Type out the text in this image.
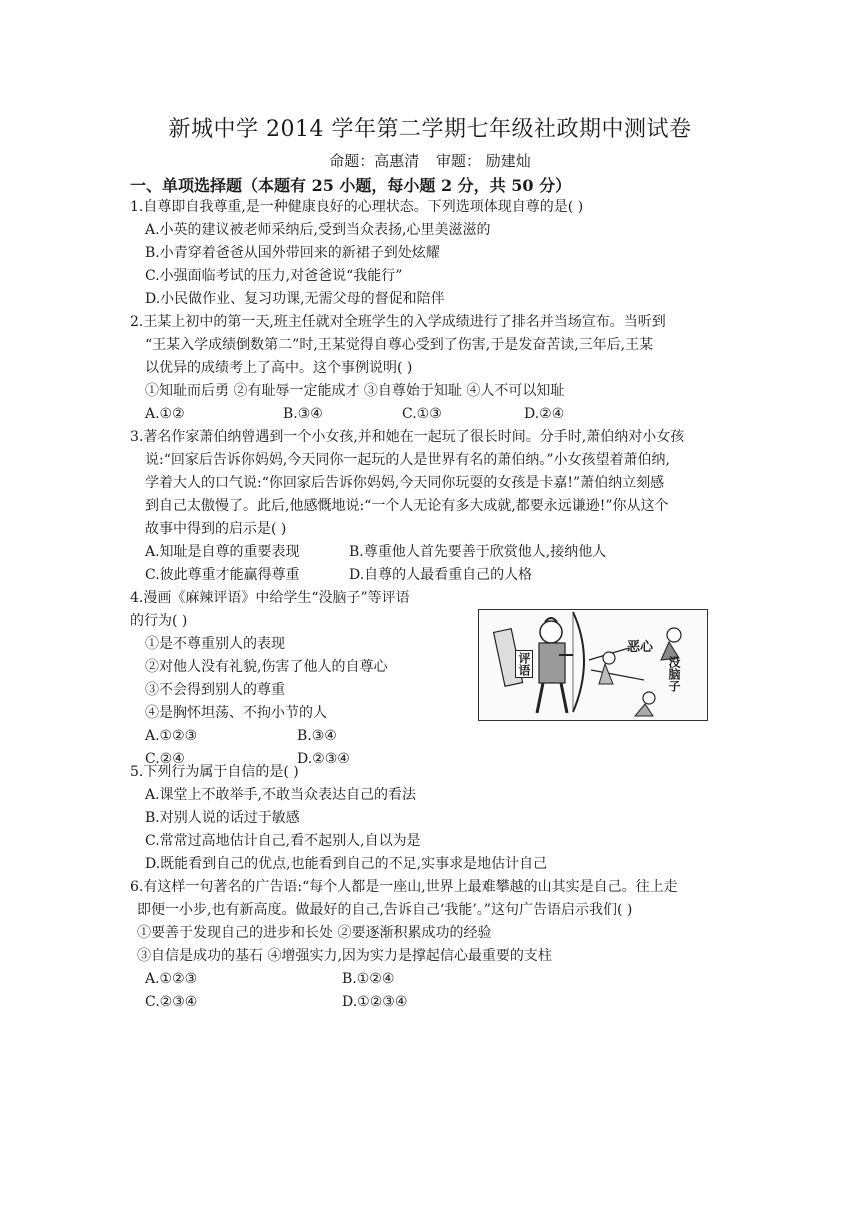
新城中学 2014 学年第二学期七年级社政期中测试卷
命题：高惠清 审题： 励建灿
一、单项选择题（本题有 25 小题，每小题 2 分，共 50 分）
1.自尊即自我尊重,是一种健康良好的心理状态。下列选项体现自尊的是( )
A.小英的建议被老师采纳后,受到当众表扬,心里美滋滋的
B.小青穿着爸爸从国外带回来的新裙子到处炫耀
C.小强面临考试的压力,对爸爸说“我能行”
D.小民做作业、复习功课,无需父母的督促和陪伴
2.王某上初中的第一天,班主任就对全班学生的入学成绩进行了排名并当场宣布。当听到
“王某入学成绩倒数第二”时,王某觉得自尊心受到了伤害,于是发奋苦读,三年后,王某
以优异的成绩考上了高中。这个事例说明( )
①知耻而后勇 ②有耻辱一定能成才 ③自尊始于知耻 ④人不可以知耻
A.①②	B.③④	C.①③	D.②④
3.著名作家萧伯纳曾遇到一个小女孩,并和她在一起玩了很长时间。分手时,萧伯纳对小女孩
说:“回家后告诉你妈妈,今天同你一起玩的人是世界有名的萧伯纳。”小女孩望着萧伯纳,
学着大人的口气说:“你回家后告诉你妈妈,今天同你玩耍的女孩是卡嘉!”萧伯纳立刻感
到自己太傲慢了。此后,他感慨地说:“一个人无论有多大成就,都要永远谦逊!”你从这个
故事中得到的启示是( )
A.知耻是自尊的重要表现	B.尊重他人首先要善于欣赏他人,接纳他人
C.彼此尊重才能赢得尊重	D.自尊的人最看重自己的人格
4.漫画《麻辣评语》中给学生“没脑子”等评语
的行为( )
①是不尊重别人的表现
②对他人没有礼貌,伤害了他人的自尊心
③不会得到别人的尊重
④是胸怀坦荡、不拘小节的人
A.①②③	B.③④
C.②④	D.②③④
评语
恶心
没脑子
5.下列行为属于自信的是( )
A.课堂上不敢举手,不敢当众表达自己的看法
B.对别人说的话过于敏感
C.常常过高地估计自己,看不起别人,自以为是
D.既能看到自己的优点,也能看到自己的不足,实事求是地估计自己
6.有这样一句著名的广告语:“每个人都是一座山,世界上最难攀越的山其实是自己。往上走
即便一小步,也有新高度。做最好的自己,告诉自己‘我能’。”这句广告语启示我们( )
①要善于发现自己的进步和长处 ②要逐渐积累成功的经验
③自信是成功的基石 ④增强实力,因为实力是撑起信心最重要的支柱
A.①②③	B.①②④
C.②③④	D.①②③④
